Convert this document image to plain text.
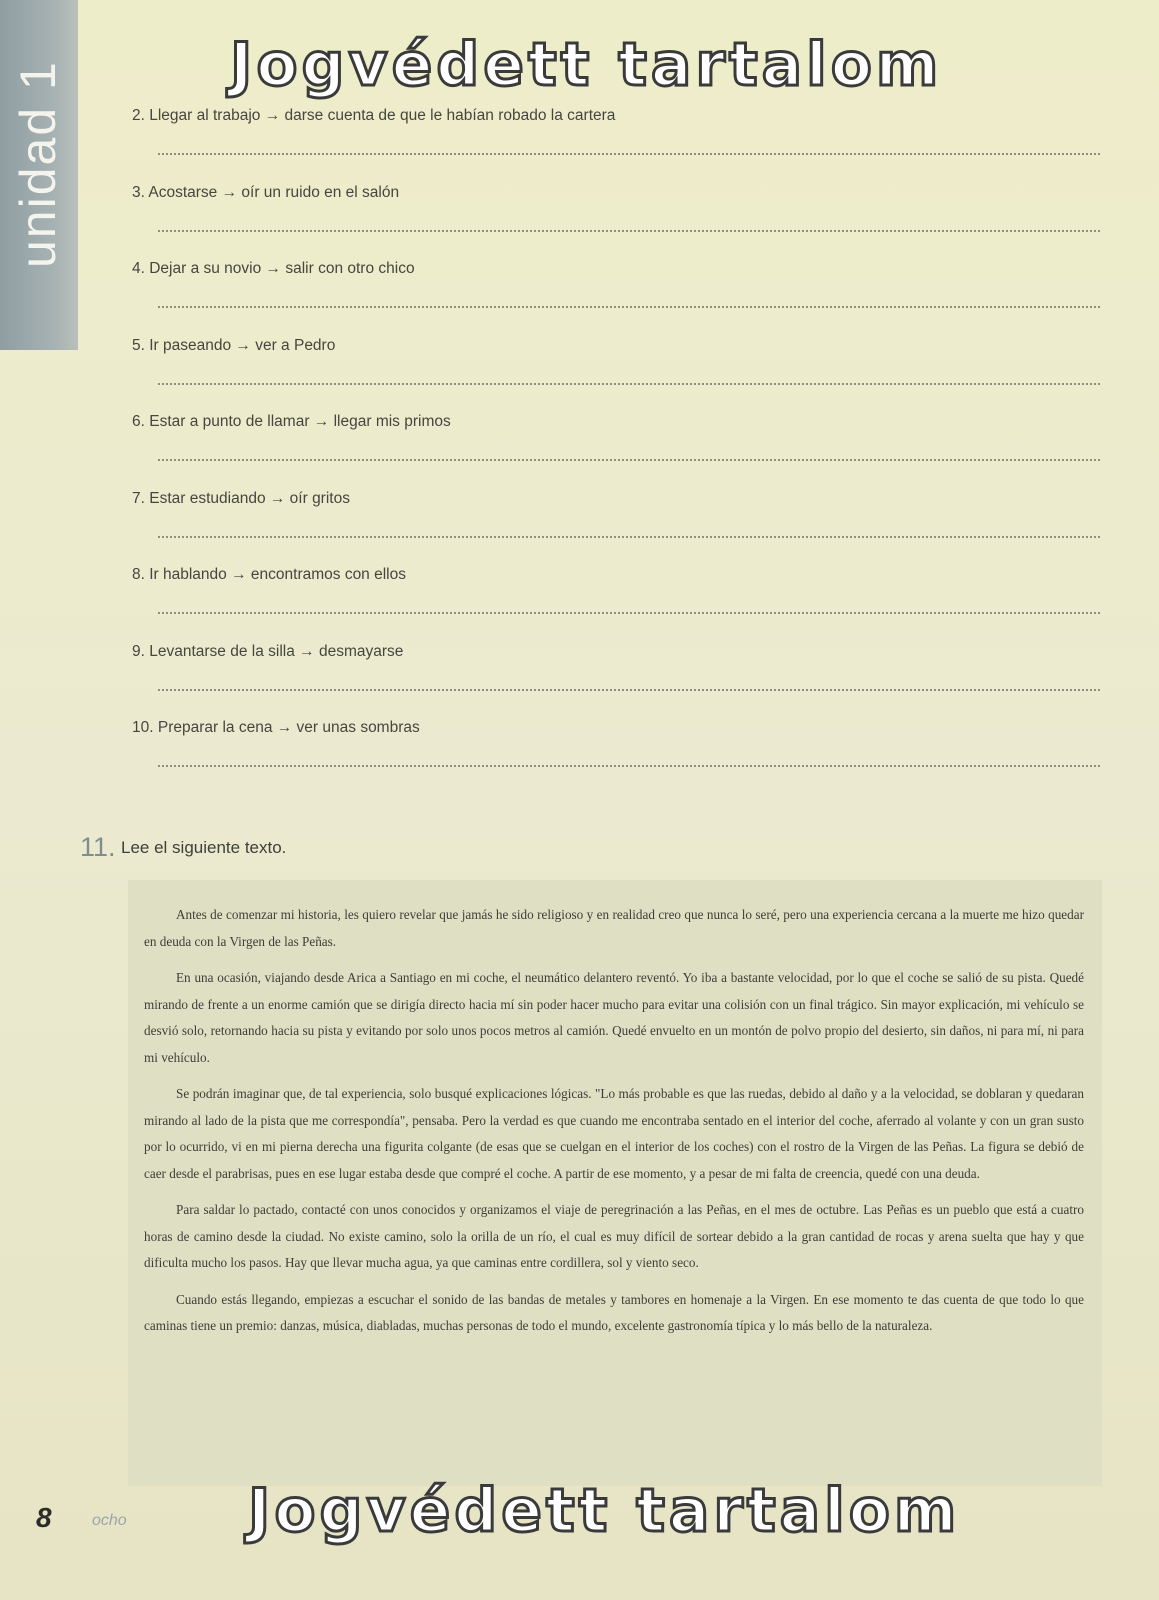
unidad 1	2. Llegar al trabajo → darse cuenta de que le habían robado la cartera
3. Acostarse → oír un ruido en el salón
4. Dejar a su novio → salir con otro chico
5. Ir paseando → ver a Pedro
6. Estar a punto de llamar → llegar mis primos
7. Estar estudiando → oír gritos
8. Ir hablando → encontramos con ellos
9. Levantarse de la silla → desmayarse
10. Preparar la cena → ver unas sombras
11. Lee el siguiente texto.

Antes de comenzar mi historia, les quiero revelar que jamás he sido religioso y en realidad creo que nunca lo seré, pero una experiencia cercana a la muerte me hizo quedar en deuda con la Virgen de las Peñas.

En una ocasión, viajando desde Arica a Santiago en mi coche, el neumático delantero reventó. Yo iba a bastante velocidad, por lo que el coche se salió de su pista. Quedé mirando de frente a un enorme camión que se dirigía directo hacia mí sin poder hacer mucho para evitar una colisión con un final trágico. Sin mayor explicación, mi vehículo se desvió solo, retornando hacia su pista y evitando por solo unos pocos metros al camión. Quedé envuelto en un montón de polvo propio del desierto, sin daños, ni para mí, ni para mi vehículo.

Se podrán imaginar que, de tal experiencia, solo busqué explicaciones lógicas. "Lo más probable es que las ruedas, debido al daño y a la velocidad, se doblaran y quedaran mirando al lado de la pista que me correspondía", pensaba. Pero la verdad es que cuando me encontraba sentado en el interior del coche, aferrado al volante y con un gran susto por lo ocurrido, vi en mi pierna derecha una figurita colgante (de esas que se cuelgan en el interior de los coches) con el rostro de la Virgen de las Peñas. La figura se debió de caer desde el parabrisas, pues en ese lugar estaba desde que compré el coche. A partir de ese momento, y a pesar de mi falta de creencia, quedé con una deuda.

Para saldar lo pactado, contacté con unos conocidos y organizamos el viaje de peregrinación a las Peñas, en el mes de octubre. Las Peñas es un pueblo que está a cuatro horas de camino desde la ciudad. No existe camino, solo la orilla de un río, el cual es muy difícil de sortear debido a la gran cantidad de rocas y arena suelta que hay y que dificulta mucho los pasos. Hay que llevar mucha agua, ya que caminas entre cordillera, sol y viento seco.

Cuando estás llegando, empiezas a escuchar el sonido de las bandas de metales y tambores en homenaje a la Virgen. En ese momento te das cuenta de que todo lo que caminas tiene un premio: danzas, música, diabladas, muchas personas de todo el mundo, excelente gastronomía típica y lo más bello de la naturaleza.

Jogvédett tartalom
Jogvédett tartalom
8	ocho
